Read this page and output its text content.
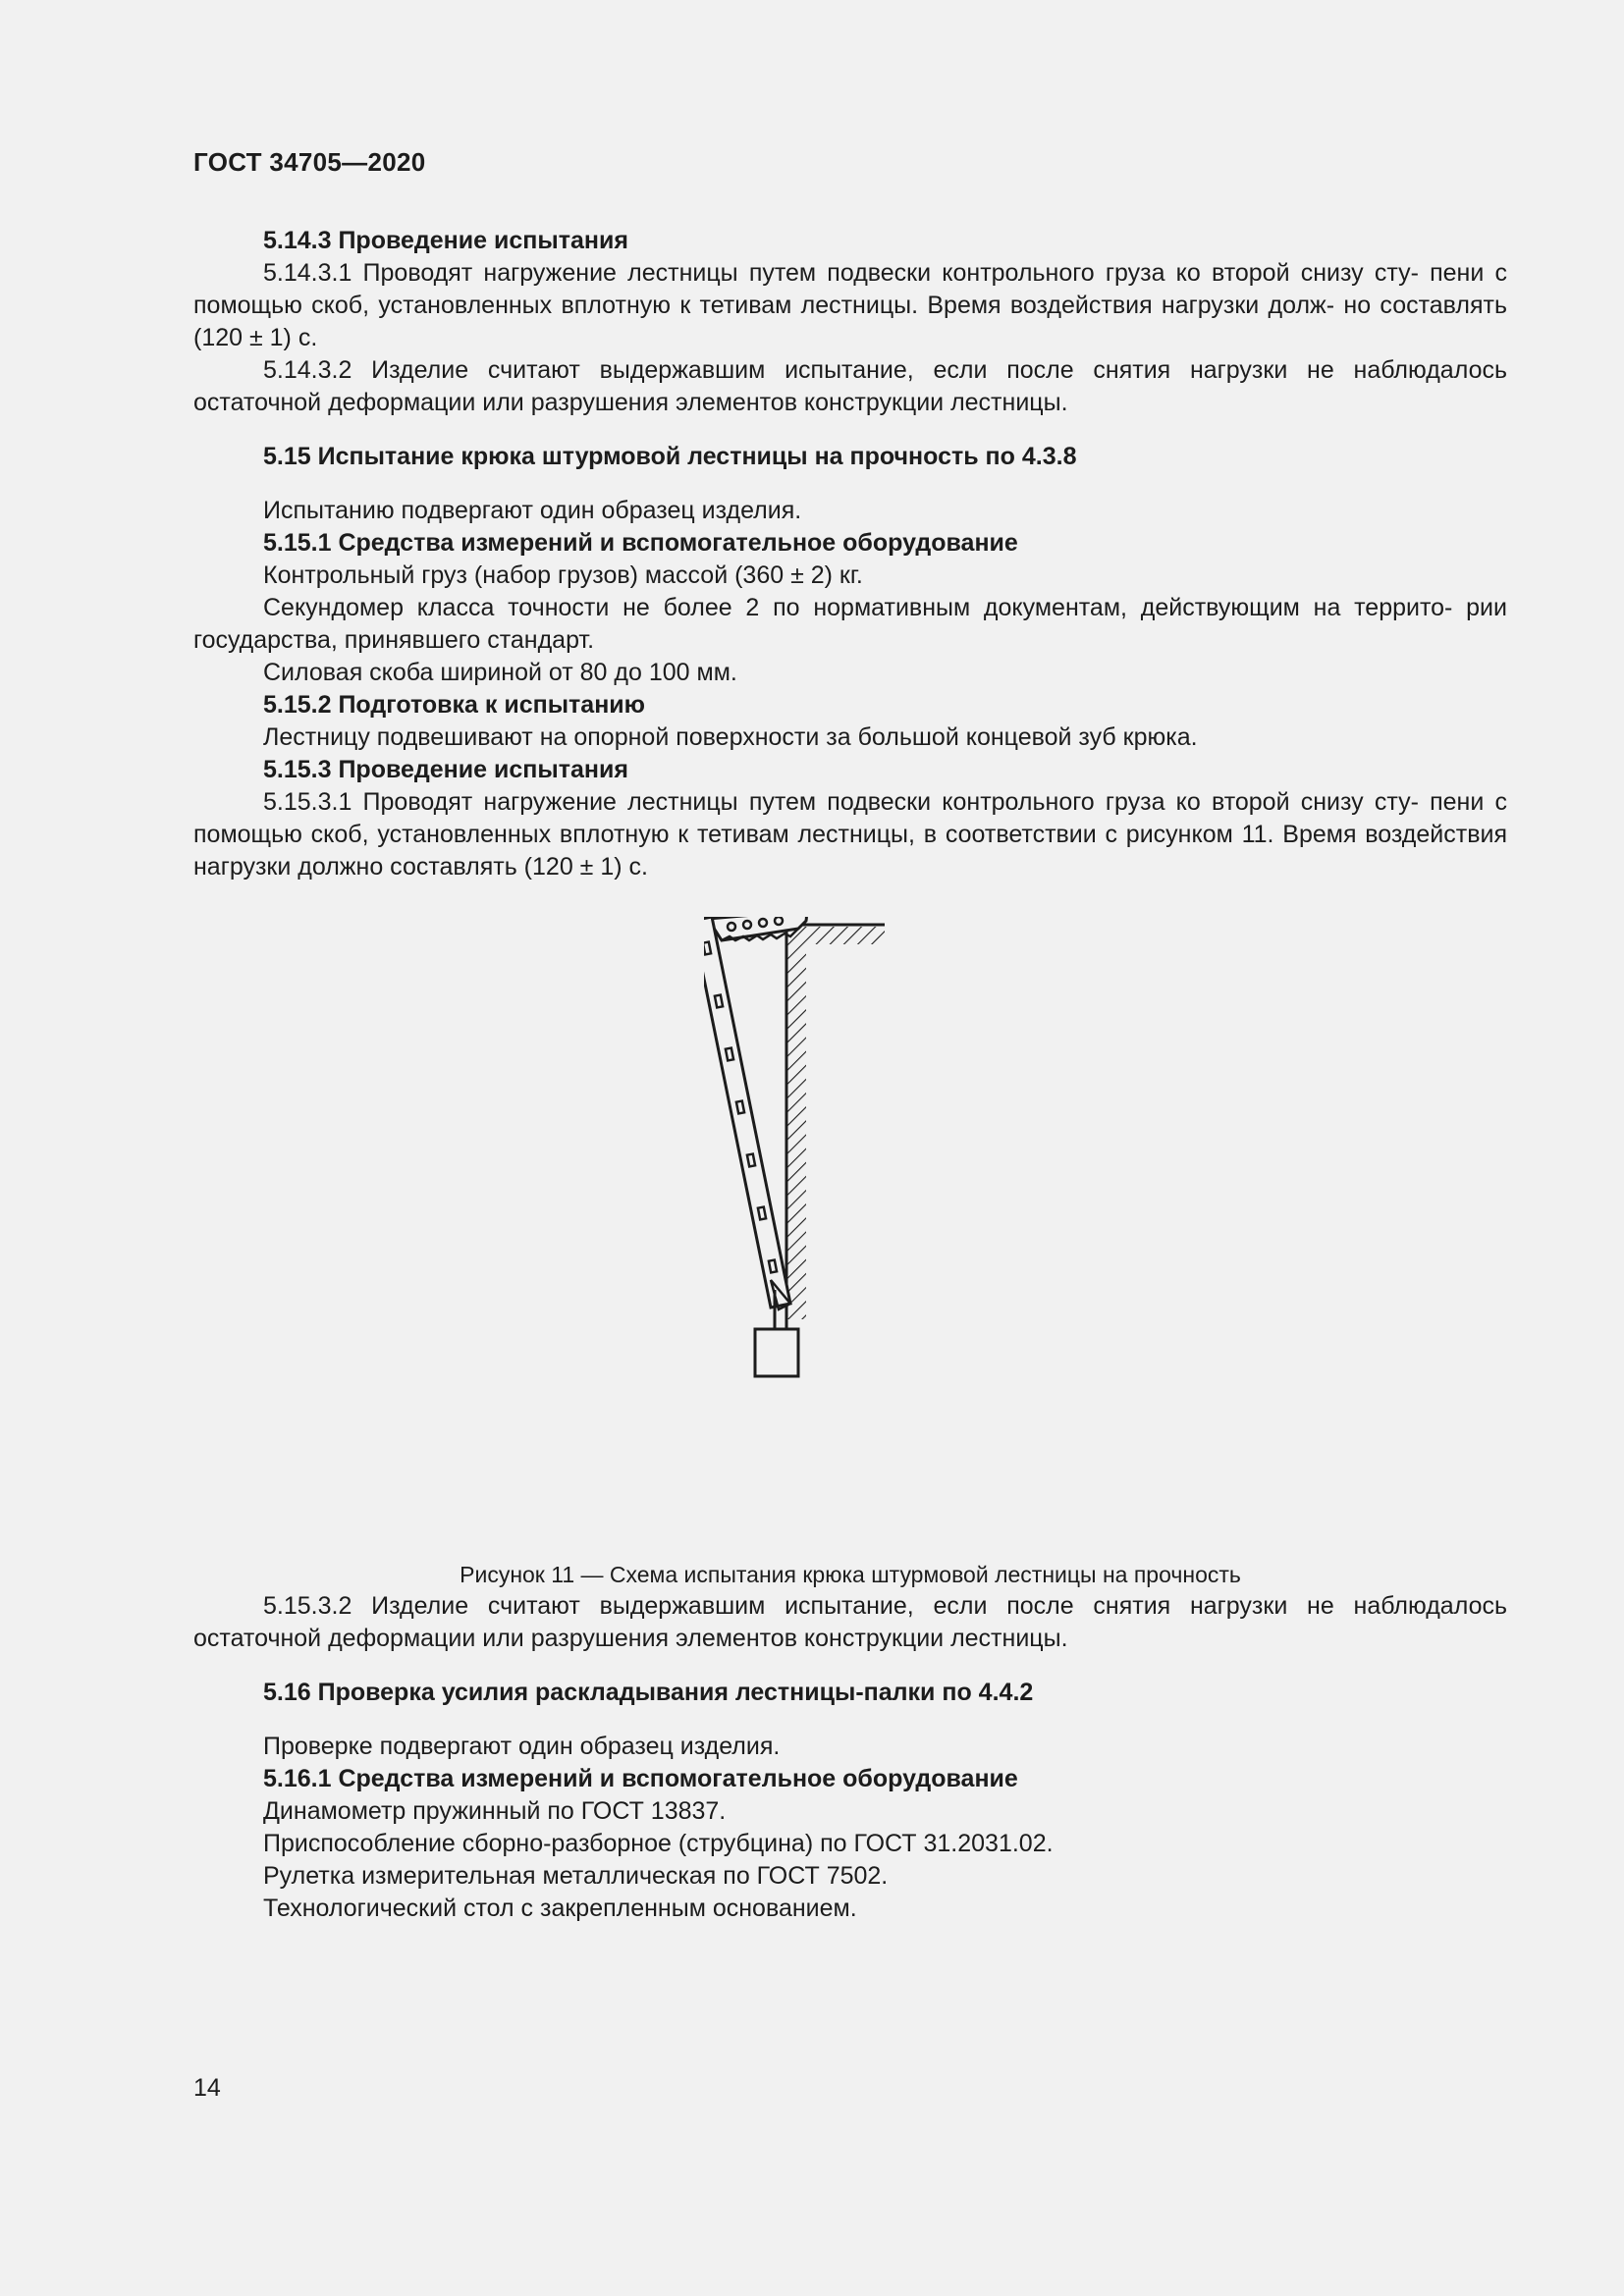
ГОСТ 34705—2020

5.14.3 Проведение испытания

5.14.3.1 Проводят нагружение лестницы путем подвески контрольного груза ко второй снизу сту- пени с помощью скоб, установленных вплотную к тетивам лестницы. Время воздействия нагрузки долж- но составлять (120 ± 1) с.

5.14.3.2 Изделие считают выдержавшим испытание, если после снятия нагрузки не наблюдалось остаточной деформации или разрушения элементов конструкции лестницы.

5.15 Испытание крюка штурмовой лестницы на прочность по 4.3.8

Испытанию подвергают один образец изделия.

5.15.1 Средства измерений и вспомогательное оборудование

Контрольный груз (набор грузов) массой (360 ± 2) кг.

Секундомер класса точности не более 2 по нормативным документам, действующим на террито- рии государства, принявшего стандарт.

Силовая скоба шириной от 80 до 100 мм.

5.15.2 Подготовка к испытанию

Лестницу подвешивают на опорной поверхности за большой концевой зуб крюка.

5.15.3 Проведение испытания

5.15.3.1 Проводят нагружение лестницы путем подвески контрольного груза ко второй снизу сту- пени с помощью скоб, установленных вплотную к тетивам лестницы, в соответствии с рисунком 11. Время воздействия нагрузки должно составлять (120 ± 1) с.

Рисунок 11 — Схема испытания крюка штурмовой лестницы на прочность

5.15.3.2 Изделие считают выдержавшим испытание, если после снятия нагрузки не наблюдалось остаточной деформации или разрушения элементов конструкции лестницы.

5.16 Проверка усилия раскладывания лестницы-палки по 4.4.2

Проверке подвергают один образец изделия.

5.16.1 Средства измерений и вспомогательное оборудование

Динамометр пружинный по ГОСТ 13837.

Приспособление сборно-разборное (струбцина) по ГОСТ 31.2031.02.

Рулетка измерительная металлическая по ГОСТ 7502.

Технологический стол с закрепленным основанием.

14
